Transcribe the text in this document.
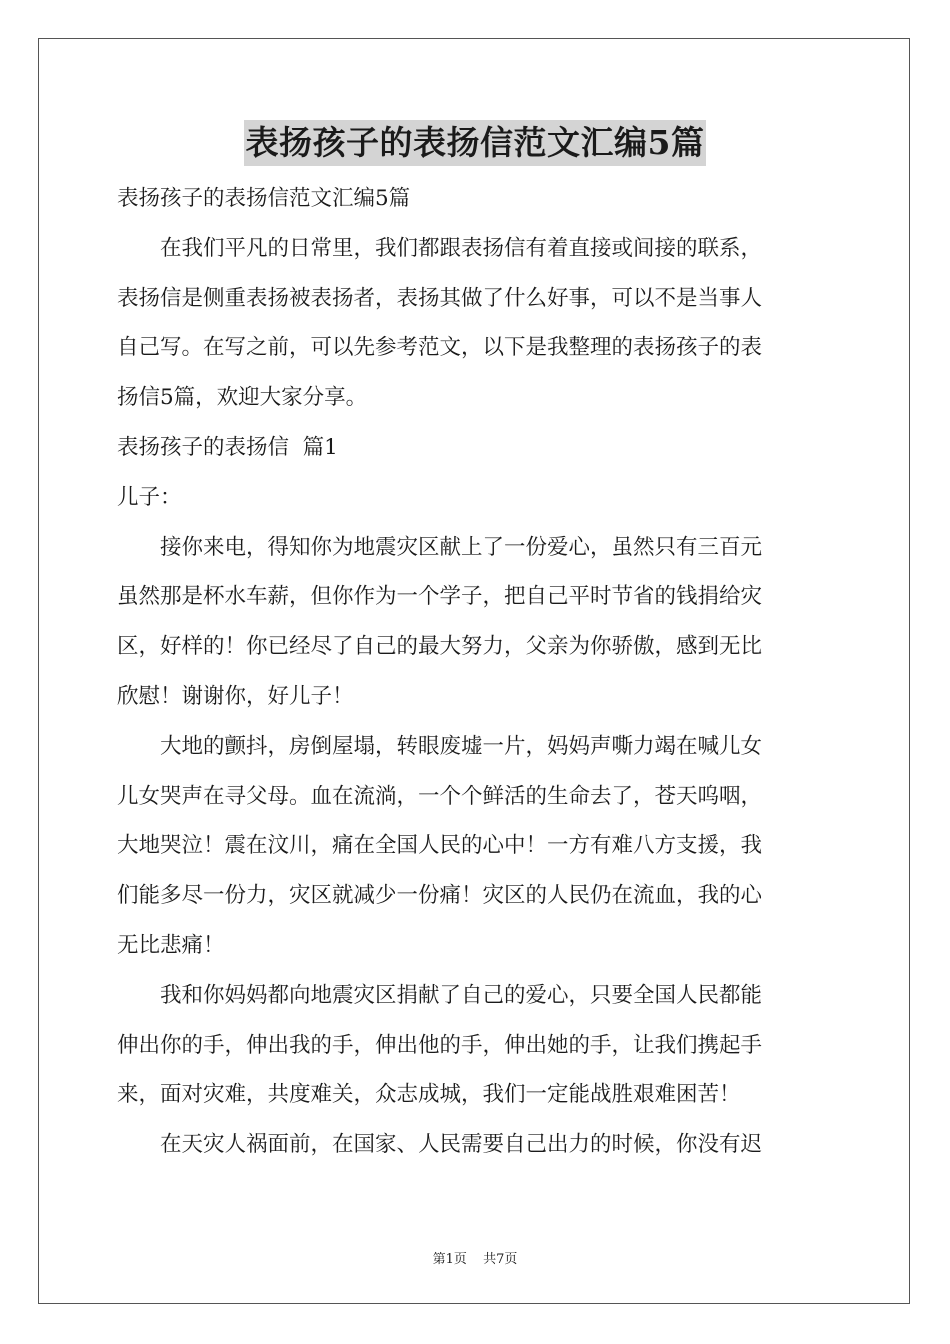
表扬孩子的表扬信范文汇编5篇

表扬孩子的表扬信范文汇编5篇

在我们平凡的日常里，我们都跟表扬信有着直接或间接的联系，

表扬信是侧重表扬被表扬者，表扬其做了什么好事，可以不是当事人

自己写。在写之前，可以先参考范文，以下是我整理的表扬孩子的表

扬信5篇，欢迎大家分享。

表扬孩子的表扬信  篇1

儿子：

接你来电，得知你为地震灾区献上了一份爱心，虽然只有三百元

虽然那是杯水车薪，但你作为一个学子，把自己平时节省的钱捐给灾

区，好样的！你已经尽了自己的最大努力，父亲为你骄傲，感到无比

欣慰！谢谢你，好儿子！

大地的颤抖，房倒屋塌，转眼废墟一片，妈妈声嘶力竭在喊儿女

儿女哭声在寻父母。血在流淌，一个个鲜活的生命去了，苍天呜咽，

大地哭泣！震在汶川，痛在全国人民的心中！一方有难八方支援，我

们能多尽一份力，灾区就减少一份痛！灾区的人民仍在流血，我的心

无比悲痛！

我和你妈妈都向地震灾区捐献了自己的爱心，只要全国人民都能

伸出你的手，伸出我的手，伸出他的手，伸出她的手，让我们携起手

来，面对灾难，共度难关，众志成城，我们一定能战胜艰难困苦！

在天灾人祸面前，在国家、人民需要自己出力的时候，你没有迟

第1页 共7页
